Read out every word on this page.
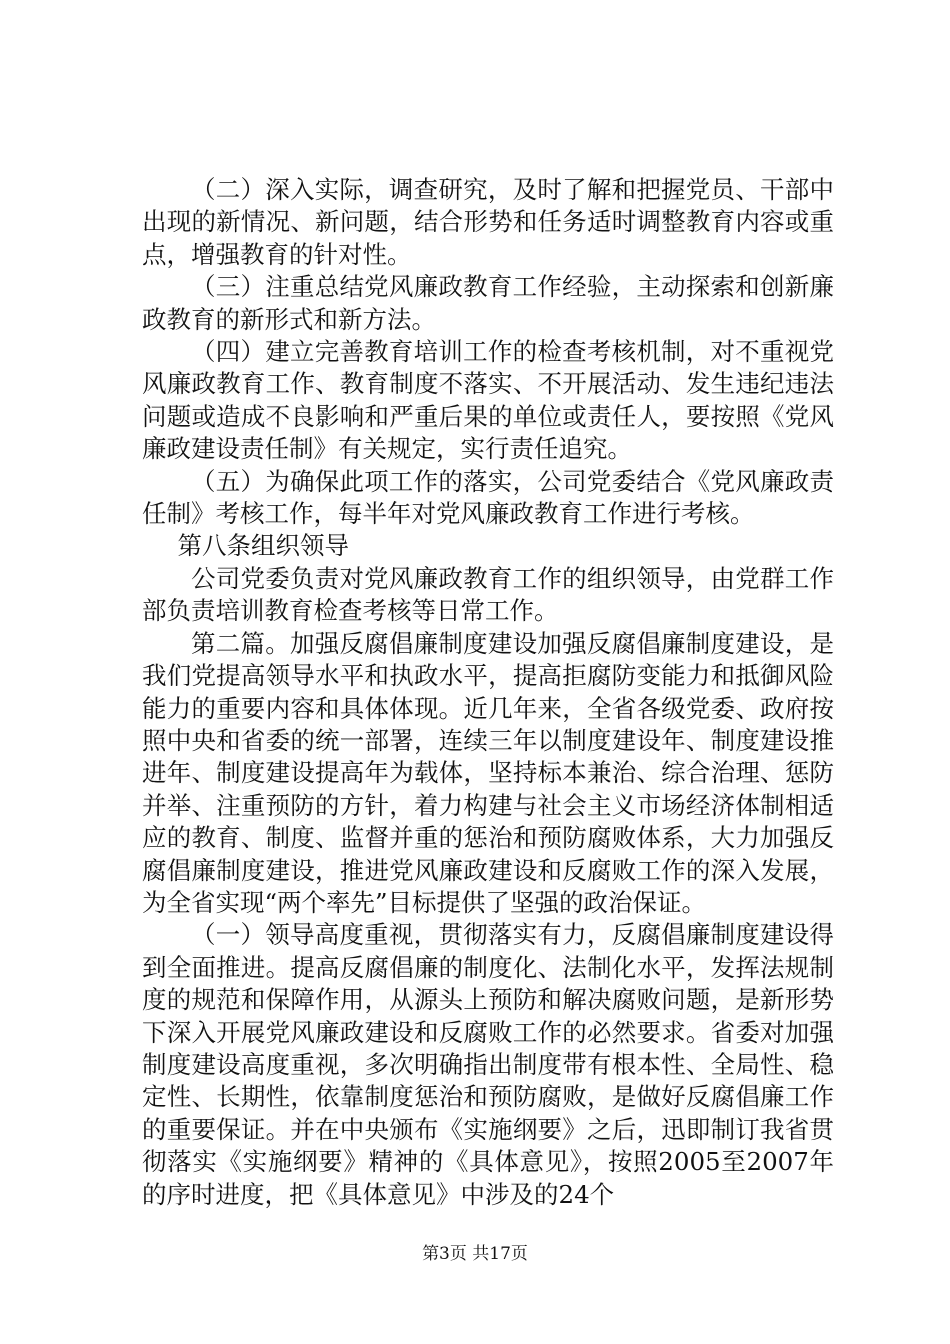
（二）深入实际，调查研究，及时了解和把握党员、干部中出现的新情况、新问题，结合形势和任务适时调整教育内容或重点，增强教育的针对性。

（三）注重总结党风廉政教育工作经验，主动探索和创新廉政教育的新形式和新方法。

（四）建立完善教育培训工作的检查考核机制，对不重视党风廉政教育工作、教育制度不落实、不开展活动、发生违纪违法问题或造成不良影响和严重后果的单位或责任人，要按照《党风廉政建设责任制》有关规定，实行责任追究。

（五）为确保此项工作的落实，公司党委结合《党风廉政责任制》考核工作，每半年对党风廉政教育工作进行考核。

第八条组织领导

公司党委负责对党风廉政教育工作的组织领导，由党群工作部负责培训教育检查考核等日常工作。

第二篇。加强反腐倡廉制度建设加强反腐倡廉制度建设，是我们党提高领导水平和执政水平，提高拒腐防变能力和抵御风险能力的重要内容和具体体现。近几年来，全省各级党委、政府按照中央和省委的统一部署，连续三年以制度建设年、制度建设推进年、制度建设提高年为载体，坚持标本兼治、综合治理、惩防并举、注重预防的方针，着力构建与社会主义市场经济体制相适应的教育、制度、监督并重的惩治和预防腐败体系，大力加强反腐倡廉制度建设，推进党风廉政建设和反腐败工作的深入发展，为全省实现“两个率先”目标提供了坚强的政治保证。

（一）领导高度重视，贯彻落实有力，反腐倡廉制度建设得到全面推进。提高反腐倡廉的制度化、法制化水平，发挥法规制度的规范和保障作用，从源头上预防和解决腐败问题，是新形势下深入开展党风廉政建设和反腐败工作的必然要求。省委对加强制度建设高度重视，多次明确指出制度带有根本性、全局性、稳定性、长期性，依靠制度惩治和预防腐败，是做好反腐倡廉工作的重要保证。并在中央颁布《实施纲要》之后，迅即制订我省贯彻落实《实施纲要》精神的《具体意见》，按照2005至2007年的序时进度，把《具体意见》中涉及的24个

第3页 共17页
